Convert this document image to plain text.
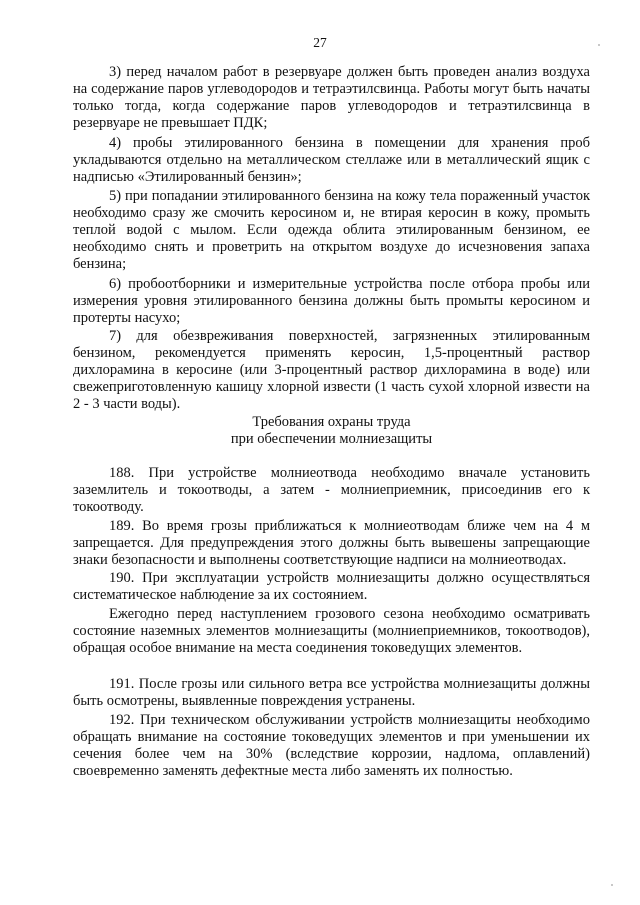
27

3) перед началом работ в резервуаре должен быть проведен анализ воздуха на содержание паров углеводородов и тетраэтилсвинца. Работы могут быть начаты только тогда, когда содержание паров углеводородов и тетраэтилсвинца в резервуаре не превышает ПДК;

4) пробы этилированного бензина в помещении для хранения проб укладываются отдельно на металлическом стеллаже или в металлический ящик с надписью «Этилированный бензин»;

5) при попадании этилированного бензина на кожу тела пораженный участок необходимо сразу же смочить керосином и, не втирая керосин в кожу, промыть теплой водой с мылом. Если одежда облита этилированным бензином, ее необходимо снять и проветрить на открытом воздухе до исчезновения запаха бензина;

6) пробоотборники и измерительные устройства после отбора пробы или измерения уровня этилированного бензина должны быть промыты керосином и протерты насухо;

7) для обезвреживания поверхностей, загрязненных этилированным бензином, рекомендуется применять керосин, 1,5-процентный раствор дихлорамина в керосине (или 3-процентный раствор дихлорамина в воде) или свежеприготовленную кашицу хлорной извести (1 часть сухой хлорной извести на 2 - 3 части воды).

Требования охраны труда
при обеспечении молниезащиты

188. При устройстве молниеотвода необходимо вначале установить заземлитель и токоотводы, а затем - молниеприемник, присоединив его к токоотводу.

189. Во время грозы приближаться к молниеотводам ближе чем на 4 м запрещается. Для предупреждения этого должны быть вывешены запрещающие знаки безопасности и выполнены соответствующие надписи на молниеотводах.

190. При эксплуатации устройств молниезащиты должно осуществляться систематическое наблюдение за их состоянием.

Ежегодно перед наступлением грозового сезона необходимо осматривать состояние наземных элементов молниезащиты (молниеприемников, токоотводов), обращая особое внимание на места соединения токоведущих элементов.

191. После грозы или сильного ветра все устройства молниезащиты должны быть осмотрены, выявленные повреждения устранены.

192. При техническом обслуживании устройств молниезащиты необходимо обращать внимание на состояние токоведущих элементов и при уменьшении их сечения более чем на 30% (вследствие коррозии, надлома, оплавлений) своевременно заменять дефектные места либо заменять их полностью.
